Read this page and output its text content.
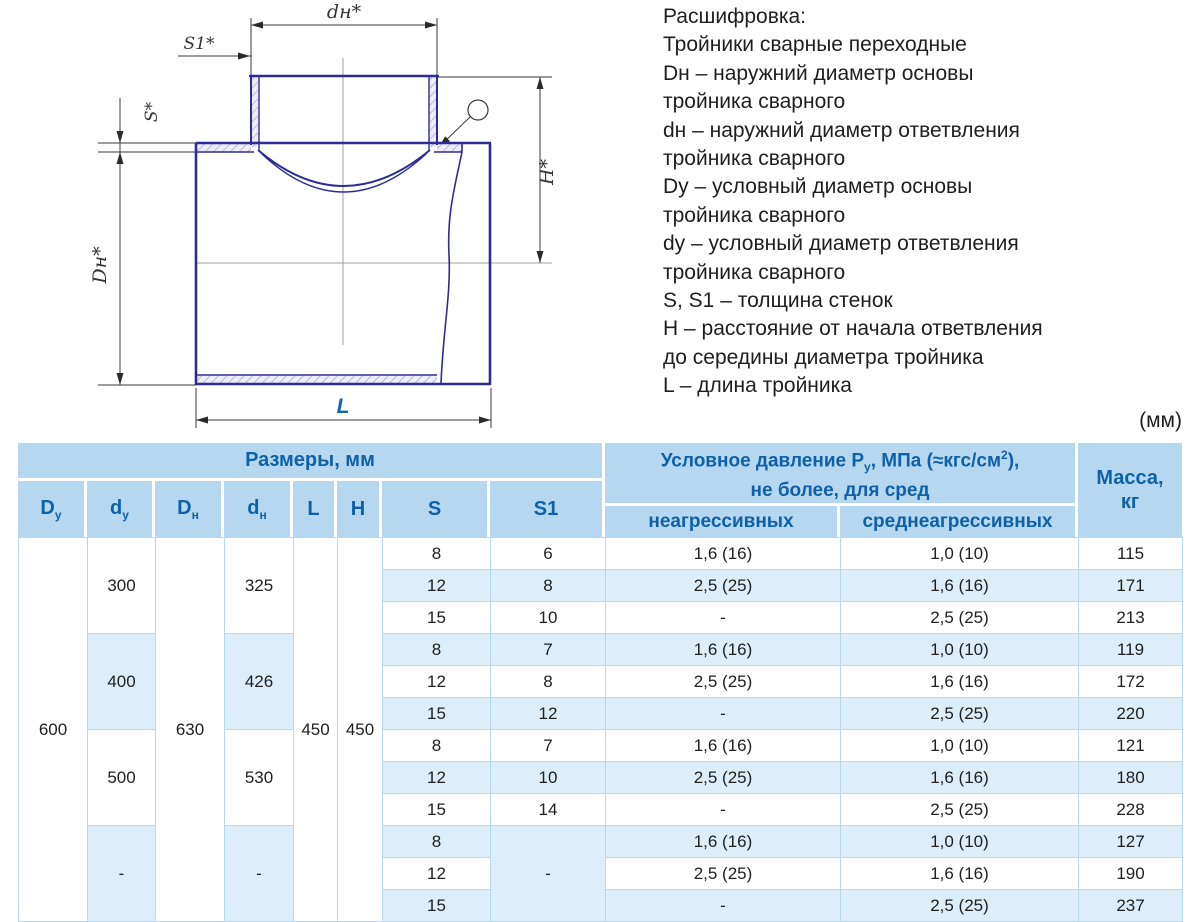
dн*
S1*
S*
Dн*
H*
L
Расшифровка:
Тройники сварные переходные
Dн – наружний диаметр основы
тройника сварного
dн – наружний диаметр ответвления
тройника сварного
Dу – условный диаметр основы
тройника сварного
dy – условный диаметр ответвления
тройника сварного
S, S1 – толщина стенок
H – расстояние от начала ответвления
до середины диаметра тройника
L – длина тройника
(мм)
Размеры, мм
$D_у$ $d_у$ $D_н$ $d_н$ L H	S	S1
Условное давление $P_у$, МПа $(\approx кгс/см^2)$,
не более, для сред
неагрессивных	среднеагрессивных
Масса,
кг
600	300	630	325	450	450	8	6	1,6 (16)	1,0 (10)	115
						12	8	2,5 (25)	1,6 (16)	171
						15	10	-	2,5 (25)	213
	400		426			8	7	1,6 (16)	1,0 (10)	119
						12	8	2,5 (25)	1,6 (16)	172
						15	12	-	2,5 (25)	220
	500		530			8	7	1,6 (16)	1,0 (10)	121
						12	10	2,5 (25)	1,6 (16)	180
						15	14	-	2,5 (25)	228
	-		-			8	-	1,6 (16)	1,0 (10)	127
						12		2,5 (25)	1,6 (16)	190
						15		-	2,5 (25)	237
